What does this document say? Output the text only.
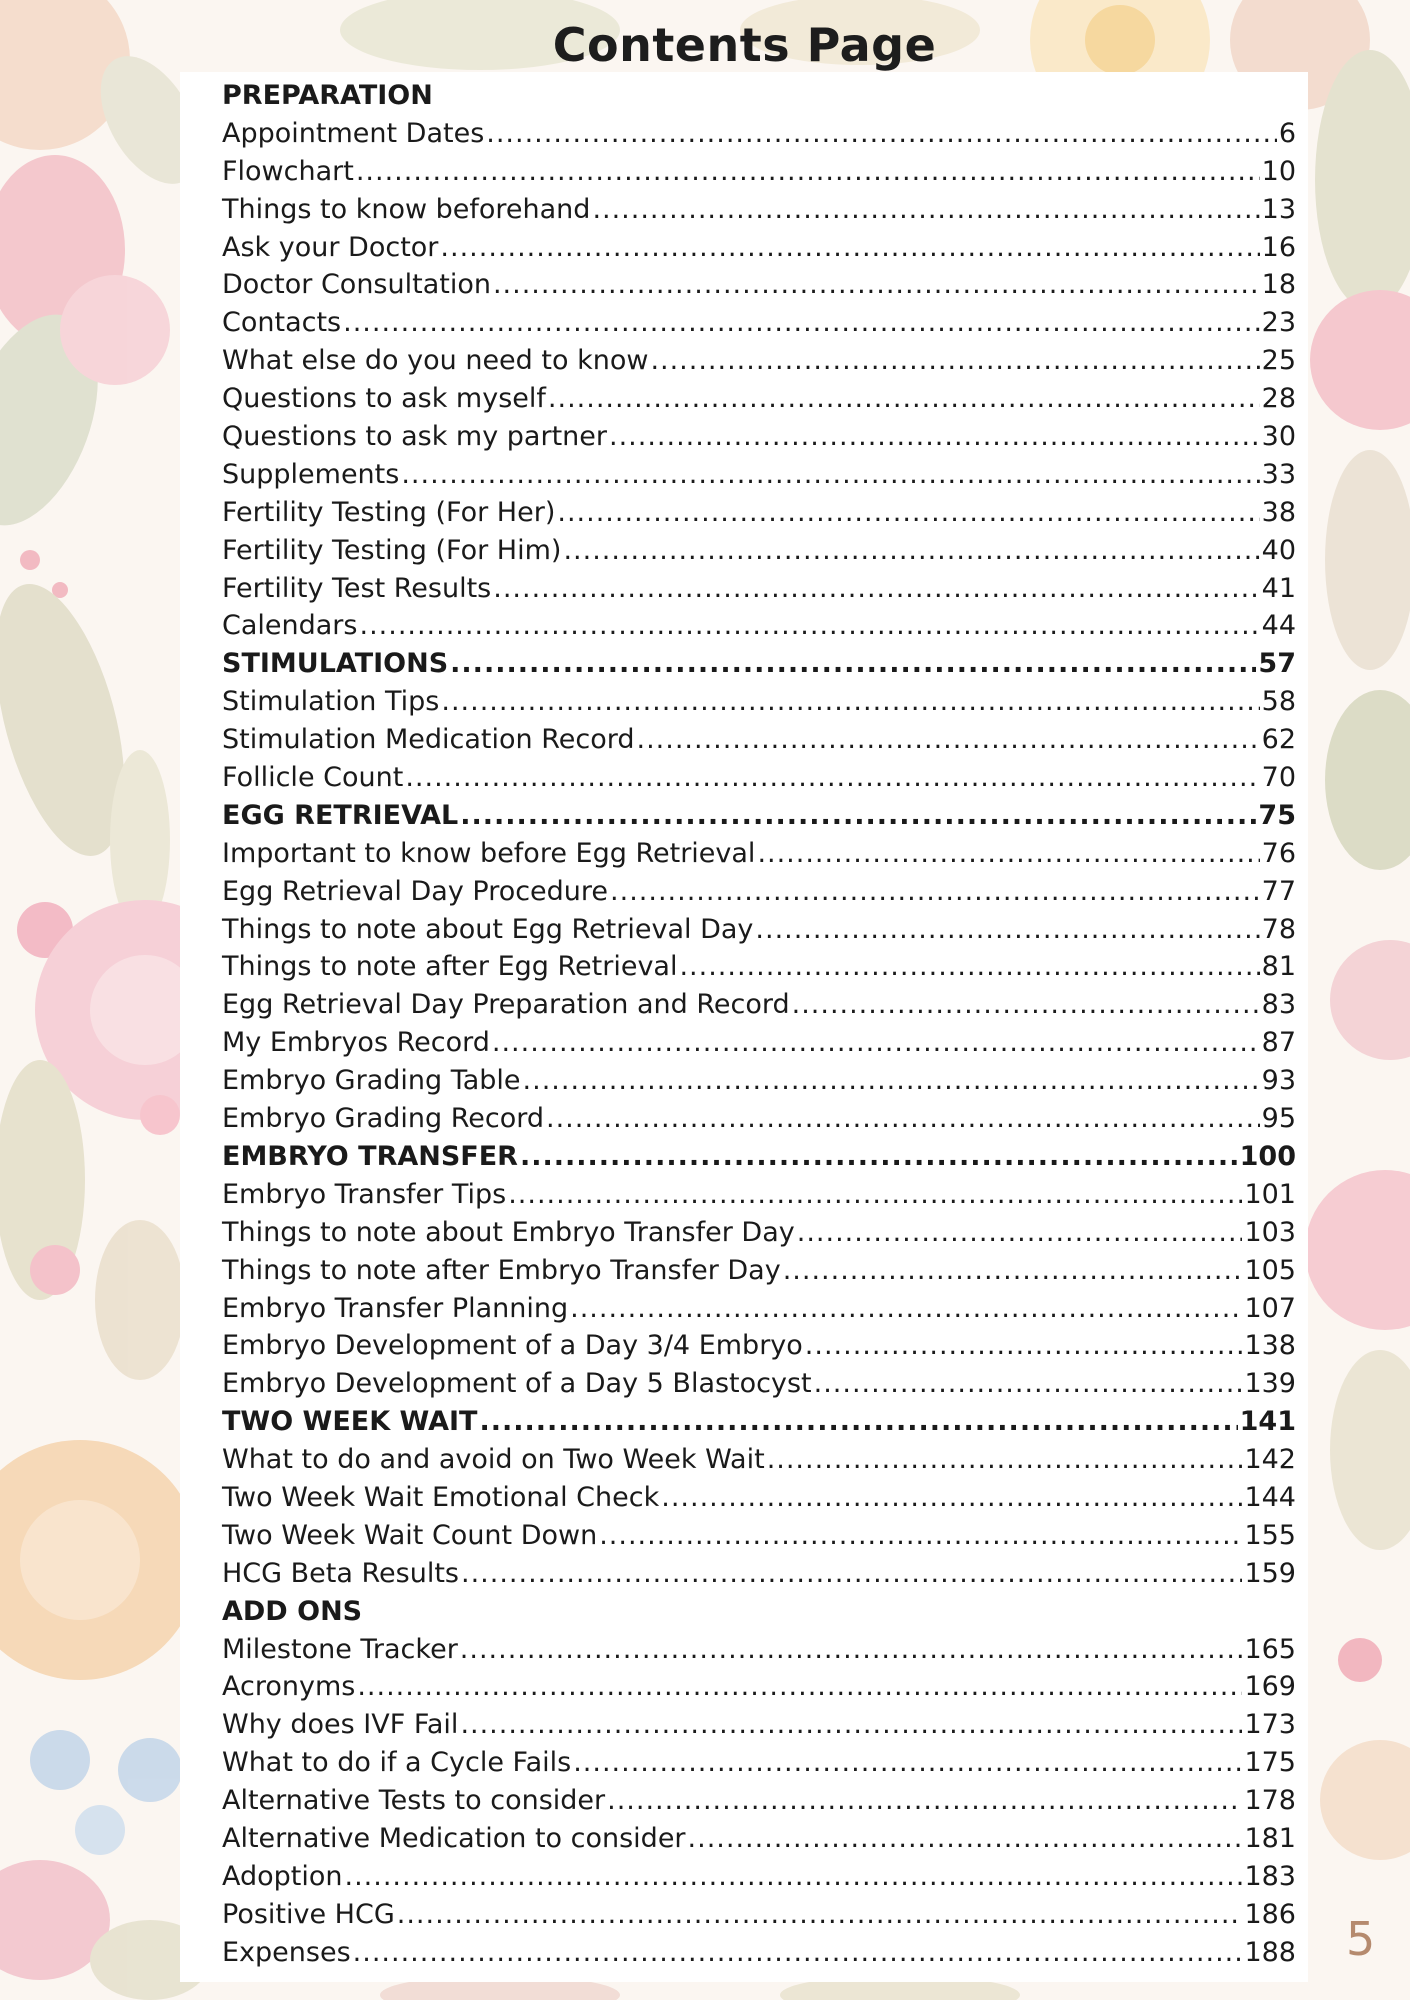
Contents Page
PREPARATION
Appointment Dates .....	6
Flowchart .....	10
Things to know beforehand .....	13
Ask your Doctor .....	16
Doctor Consultation .....	18
Contacts .....	23
What else do you need to know .....	25
Questions to ask myself .....	28
Questions to ask my partner .....	30
Supplements .....	33
Fertility Testing (For Her) .....	38
Fertility Testing (For Him) .....	40
Fertility Test Results .....	41
Calendars .....	44
STIMULATIONS .....	57
Stimulation Tips .....	58
Stimulation Medication Record .....	62
Follicle Count .....	70
EGG RETRIEVAL .....	75
Important to know before Egg Retrieval .....	76
Egg Retrieval Day Procedure .....	77
Things to note about Egg Retrieval Day .....	78
Things to note after Egg Retrieval .....	81
Egg Retrieval Day Preparation and Record .....	83
My Embryos Record .....	87
Embryo Grading Table .....	93
Embryo Grading Record .....	95
EMBRYO TRANSFER .....	100
Embryo Transfer Tips .....	101
Things to note about Embryo Transfer Day .....	103
Things to note after Embryo Transfer Day .....	105
Embryo Transfer Planning .....	107
Embryo Development of a Day 3/4 Embryo .....	138
Embryo Development of a Day 5 Blastocyst .....	139
TWO WEEK WAIT .....	141
What to do and avoid on Two Week Wait .....	142
Two Week Wait Emotional Check .....	144
Two Week Wait Count Down .....	155
HCG Beta Results .....	159
ADD ONS
Milestone Tracker .....	165
Acronyms .....	169
Why does IVF Fail .....	173
What to do if a Cycle Fails .....	175
Alternative Tests to consider .....	178
Alternative Medication to consider .....	181
Adoption .....	183
Positive HCG .....	186
Expenses .....	188 5
